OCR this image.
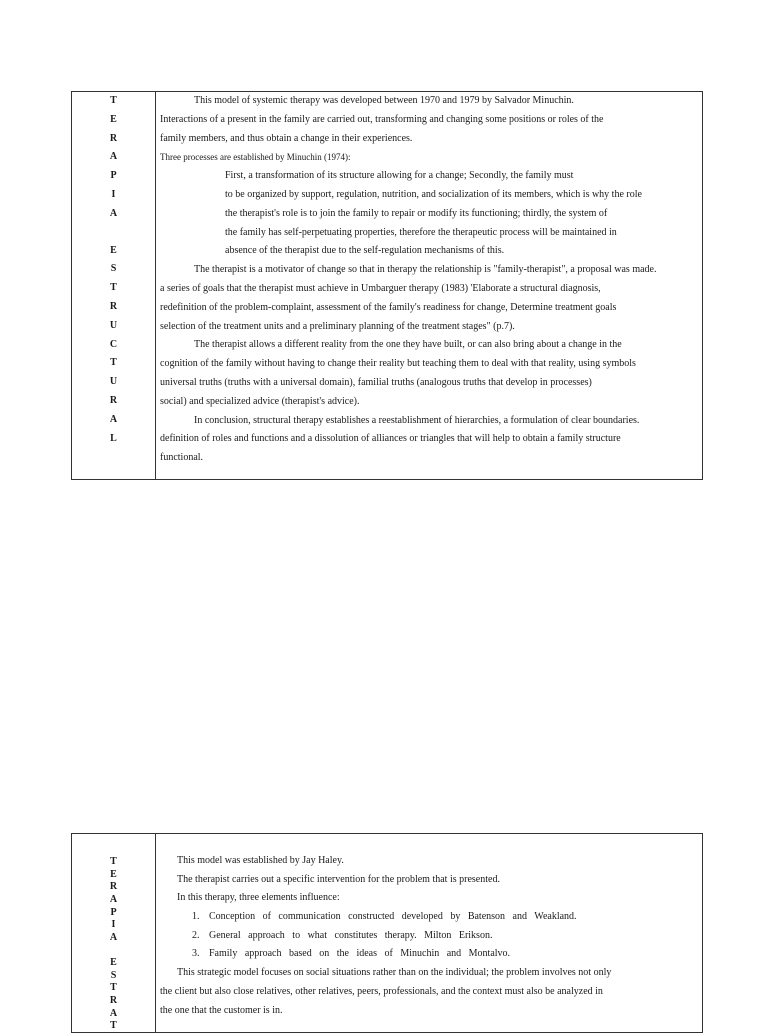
T
E
R
A
P
I
A
E
S
T
R
U
C
T
U
R
A
L
This model of systemic therapy was developed between 1970 and 1979 by Salvador Minuchin.
Interactions of a present in the family are carried out, transforming and changing some positions or roles of the
family members, and thus obtain a change in their experiences.
Three processes are established by Minuchin (1974):
First, a transformation of its structure allowing for a change; Secondly, the family must
to be organized by support, regulation, nutrition, and socialization of its members, which is why the role
the therapist's role is to join the family to repair or modify its functioning; thirdly, the system of
the family has self-perpetuating properties, therefore the therapeutic process will be maintained in
absence of the therapist due to the self-regulation mechanisms of this.
The therapist is a motivator of change so that in therapy the relationship is "family-therapist", a proposal was made.
a series of goals that the therapist must achieve in Umbarguer therapy (1983) 'Elaborate a structural diagnosis,
redefinition of the problem-complaint, assessment of the family's readiness for change, Determine treatment goals
selection of the treatment units and a preliminary planning of the treatment stages" (p.7).
The therapist allows a different reality from the one they have built, or can also bring about a change in the
cognition of the family without having to change their reality but teaching them to deal with that reality, using symbols
universal truths (truths with a universal domain), familial truths (analogous truths that develop in processes)
social) and specialized advice (therapist's advice).
In conclusion, structural therapy establishes a reestablishment of hierarchies, a formulation of clear boundaries.
definition of roles and functions and a dissolution of alliances or triangles that will help to obtain a family structure
functional.
T
E
R
A
P
I
A
E
S
T
R
A
T
This model was established by Jay Haley.
The therapist carries out a specific intervention for the problem that is presented.
In this therapy, three elements influence:
1. Conception of communication constructed developed by Batenson and Weakland.
2. General approach to what constitutes therapy. Milton Erikson.
3. Family approach based on the ideas of Minuchin and Montalvo.
This strategic model focuses on social situations rather than on the individual; the problem involves not only
the client but also close relatives, other relatives, peers, professionals, and the context must also be analyzed in
the one that the customer is in.
